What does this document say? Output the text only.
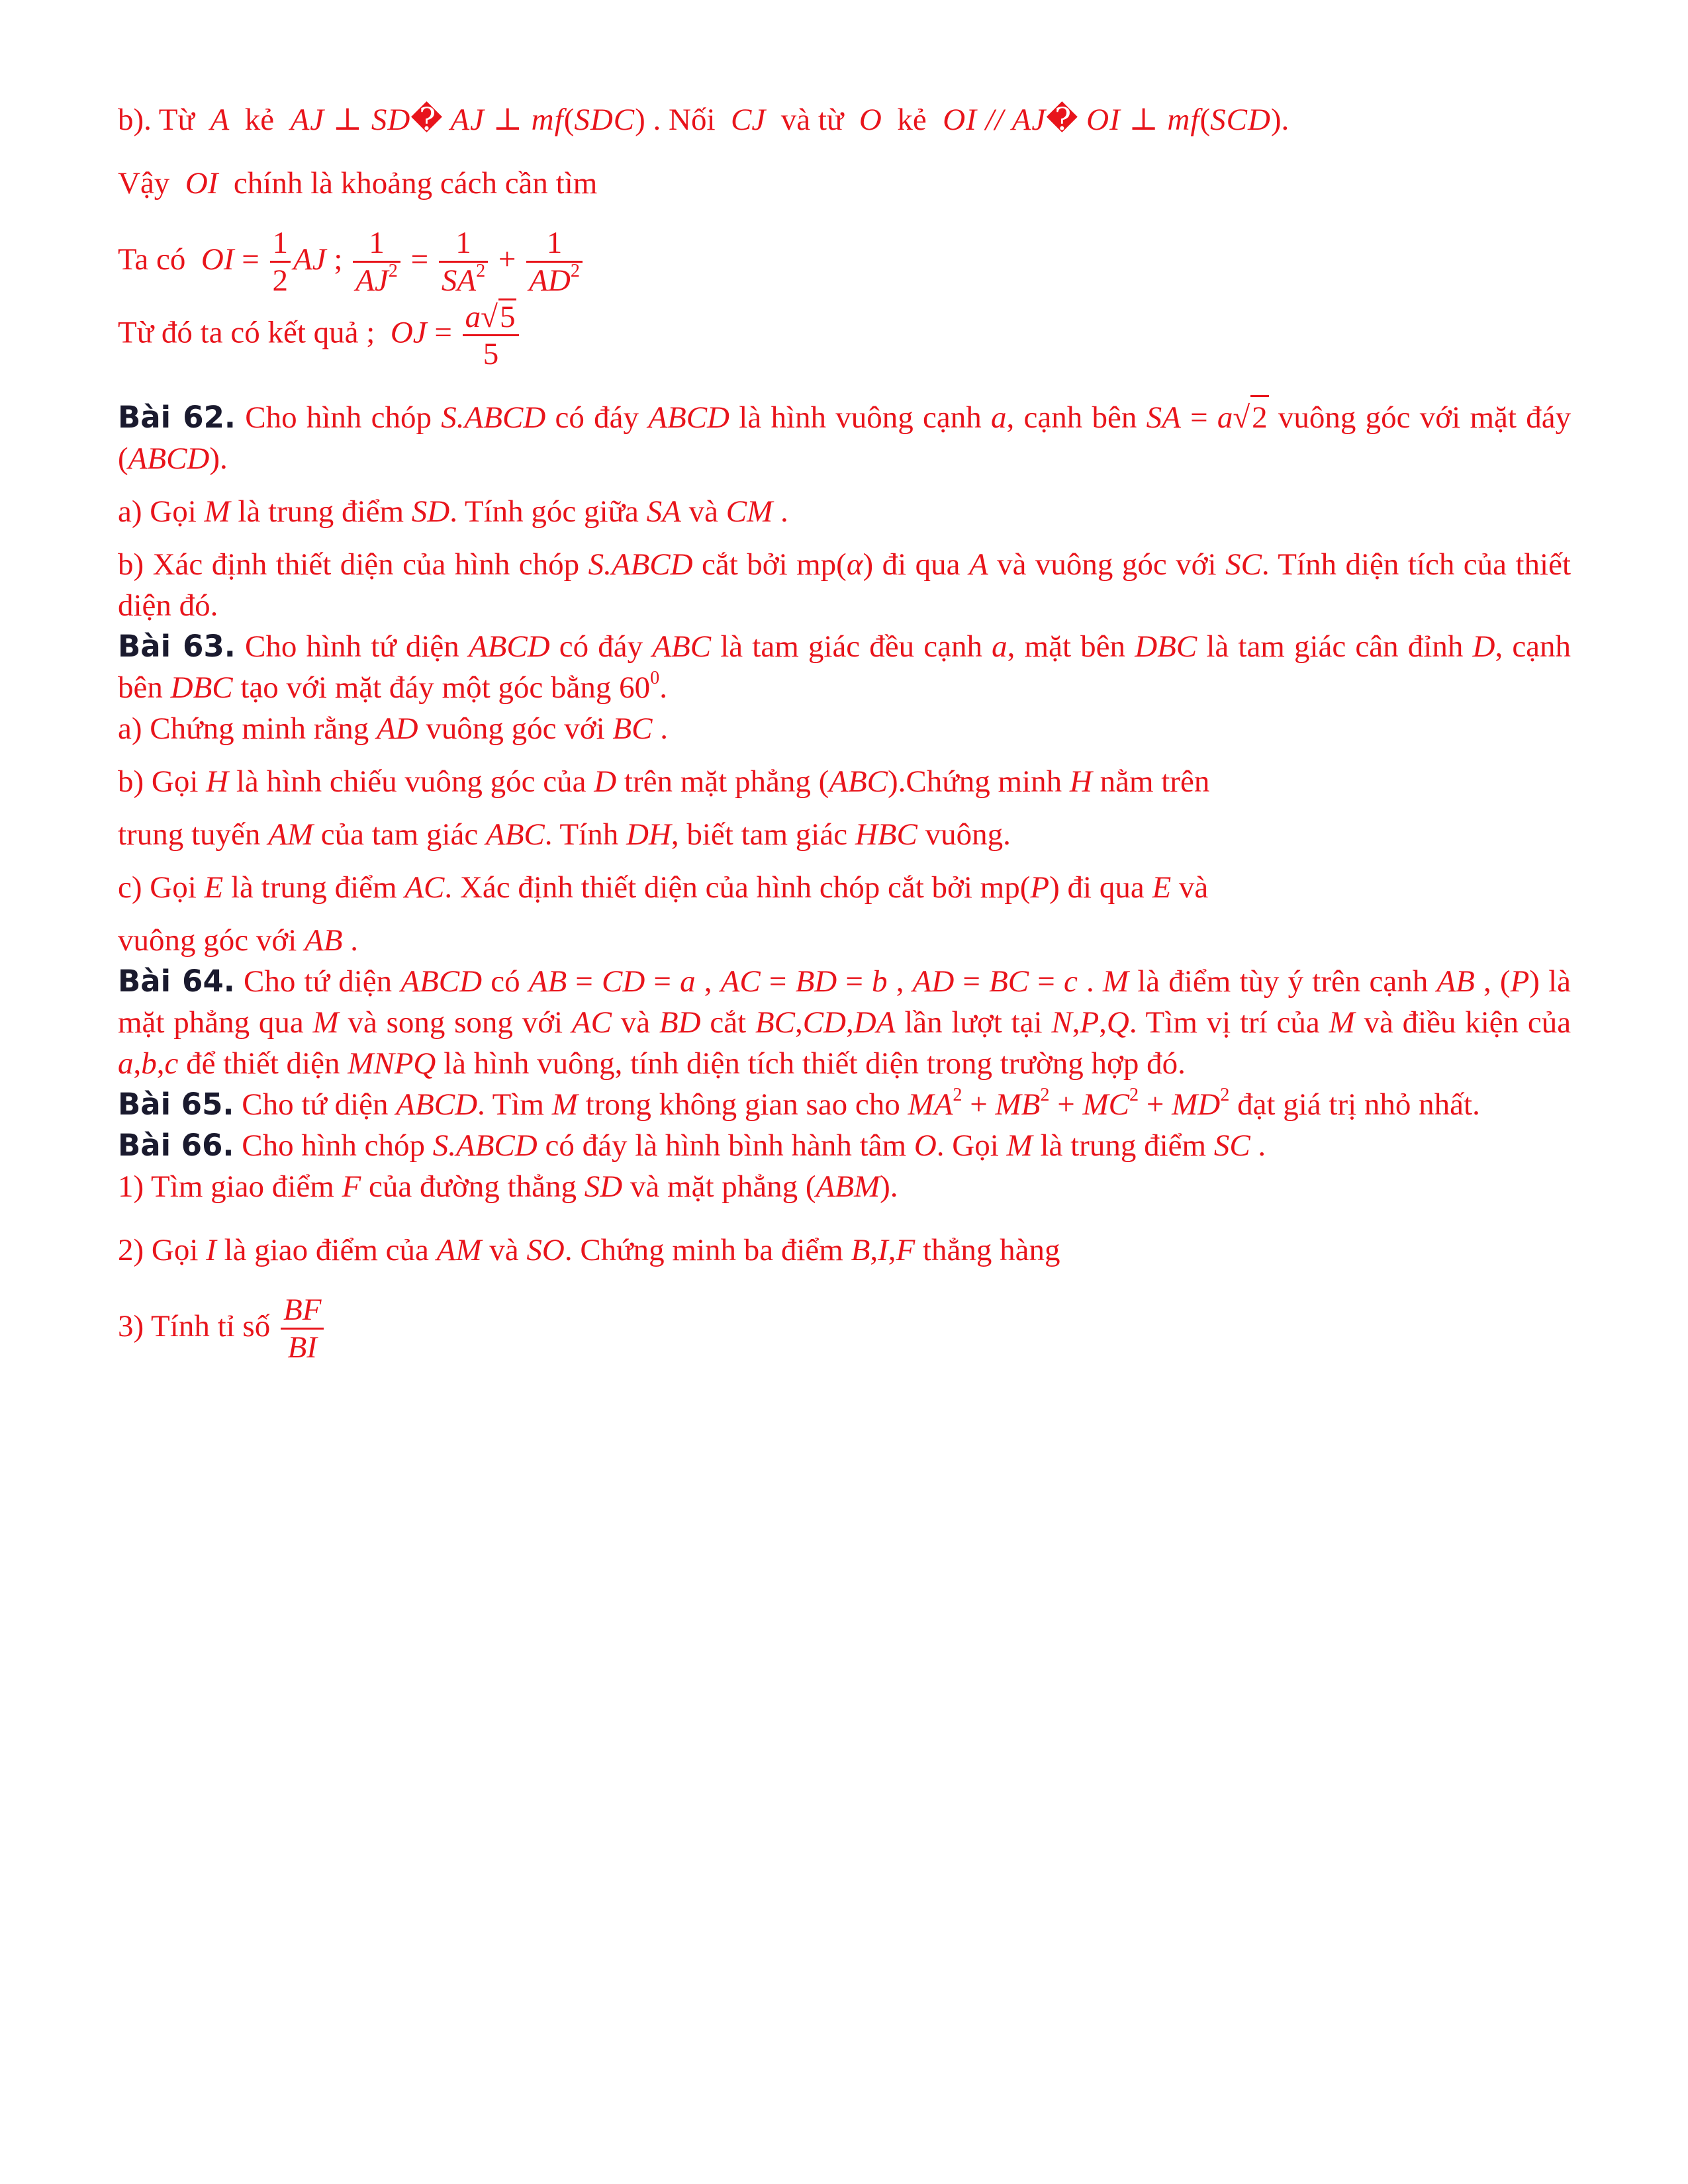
b). Từ  A  kẻ  AJ ⊥ SD� AJ ⊥ mf(SDC) . Nối  CJ  và từ  O  kẻ  OI // AJ� OI ⊥ mf(SCD).
Vậy  OI  chính là khoảng cách cần tìm
Ta có  OI = $\frac{1}{2}$ AJ ; $\frac{1}{AJ^2} = \frac{1}{SA^2} + \frac{1}{AD^2}$
Từ đó ta có kết quả ;  OJ = $\frac{a√5}{5}$
Bài 62. Cho hình chóp S.ABCD có đáy ABCD là hình vuông cạnh a, cạnh bên SA = a√2 vuông góc với mặt đáy (ABCD).
a) Gọi M là trung điểm SD. Tính góc giữa SA và CM .
b) Xác định thiết diện của hình chóp S.ABCD cắt bởi mp(α) đi qua A và vuông góc với SC. Tính diện tích của thiết diện đó.
Bài 63. Cho hình tứ diện ABCD có đáy ABC là tam giác đều cạnh a, mặt bên DBC là tam giác cân đỉnh D, cạnh bên DBC tạo với mặt đáy một góc bằng $60^0$.
a) Chứng minh rằng AD vuông góc với BC .
b) Gọi H là hình chiếu vuông góc của D trên mặt phẳng (ABC).Chứng minh H nằm trên
trung tuyến AM của tam giác ABC. Tính DH, biết tam giác HBC vuông.
c) Gọi E là trung điểm AC. Xác định thiết diện của hình chóp cắt bởi mp(P) đi qua E và
vuông góc với AB .
Bài 64. Cho tứ diện ABCD có AB = CD = a , AC = BD = b , AD = BC = c . M là điểm tùy ý trên cạnh AB , (P) là mặt phẳng qua M và song song với AC và BD cắt BC,CD,DA lần lượt tại N,P,Q. Tìm vị trí của M và điều kiện của a,b,c để thiết diện MNPQ là hình vuông, tính diện tích thiết diện trong trường hợp đó.
Bài 65. Cho tứ diện ABCD. Tìm M trong không gian sao cho $MA^2 + MB^2 + MC^2 + MD^2$ đạt giá trị nhỏ nhất.
Bài 66. Cho hình chóp S.ABCD có đáy là hình bình hành tâm O. Gọi M là trung điểm SC .
1) Tìm giao điểm F của đường thẳng SD và mặt phẳng (ABM).
2) Gọi I là giao điểm của AM và SO. Chứng minh ba điểm B,I,F thẳng hàng
3) Tính tỉ số $\frac{BF}{BI}$
